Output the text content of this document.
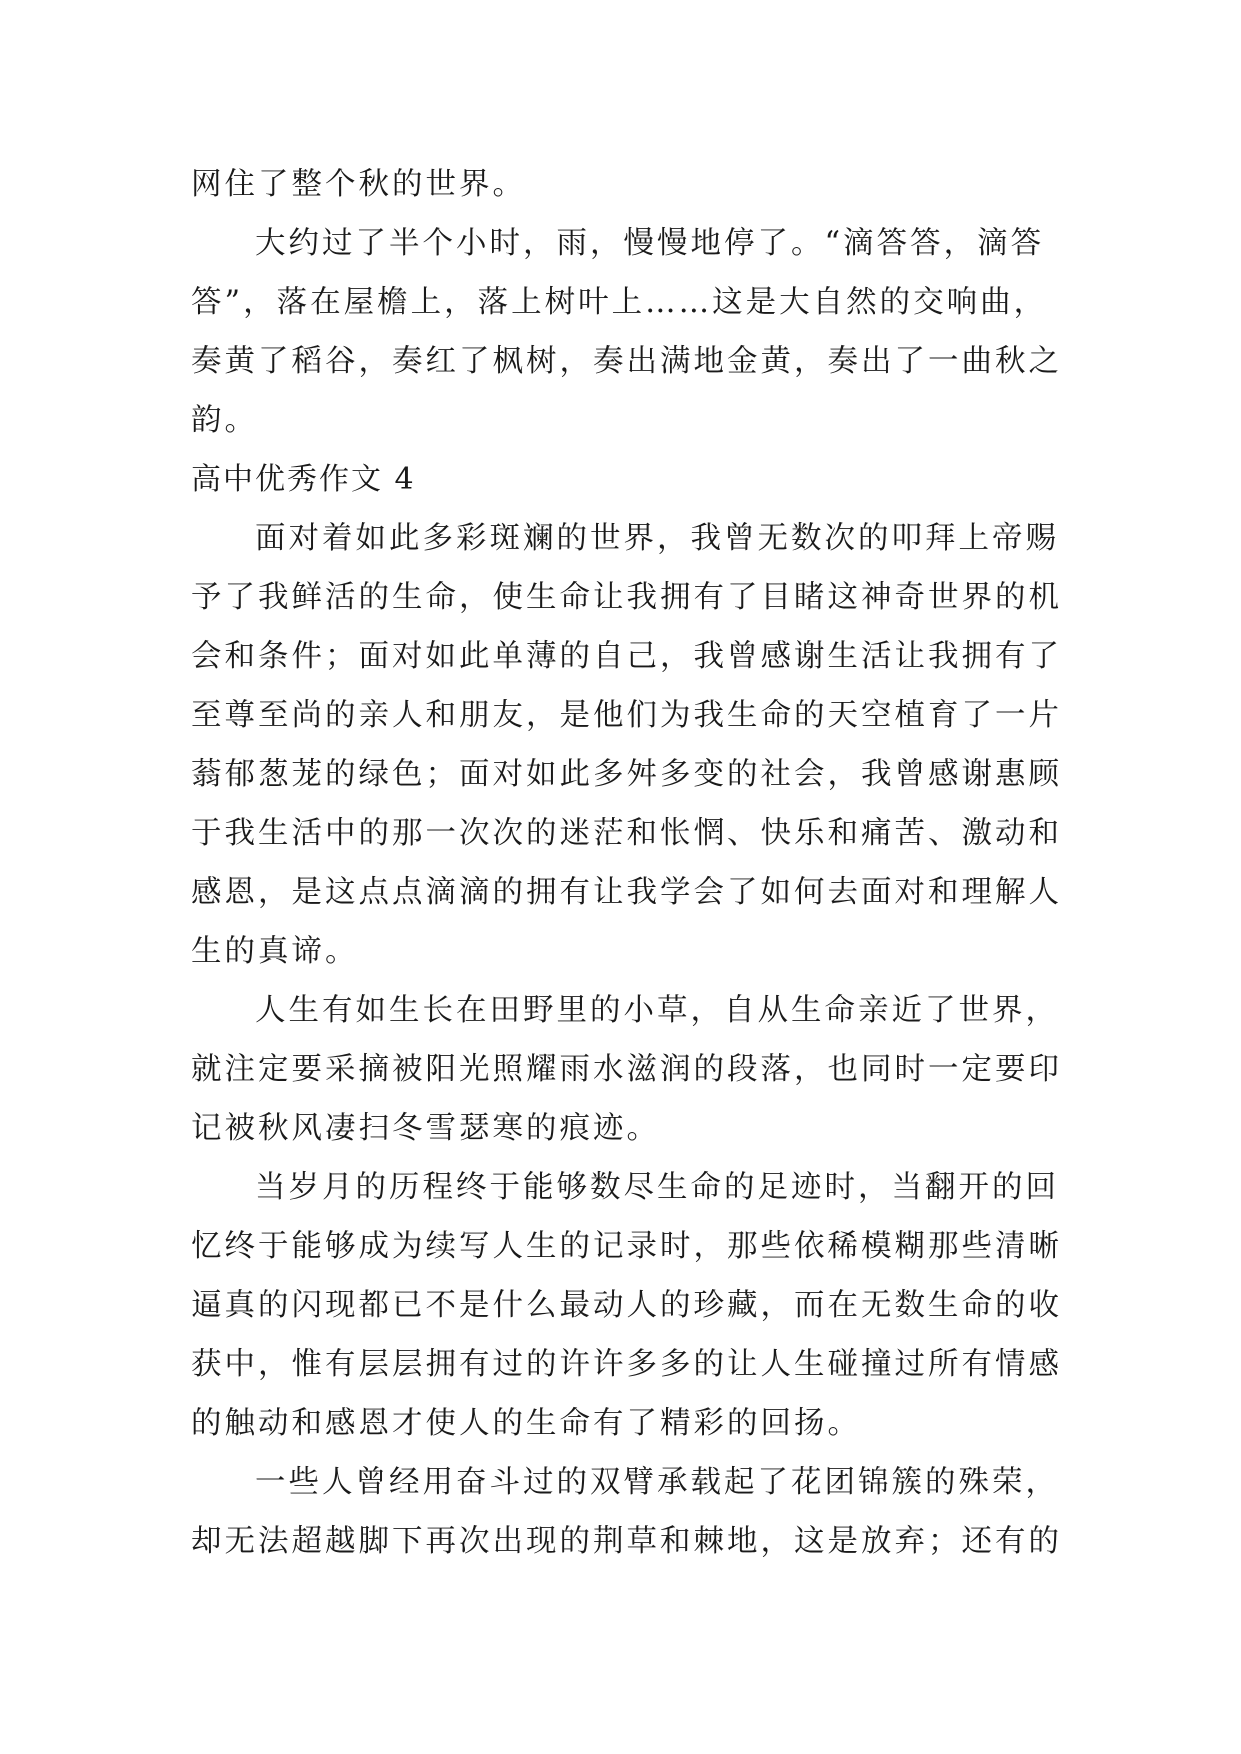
网住了整个秋的世界。
大约过了半个小时，雨，慢慢地停了。“滴答答，滴答
答”，落在屋檐上，落上树叶上……这是大自然的交响曲，
奏黄了稻谷，奏红了枫树，奏出满地金黄，奏出了一曲秋之
韵。
高中优秀作文 4
面对着如此多彩斑斓的世界，我曾无数次的叩拜上帝赐
予了我鲜活的生命，使生命让我拥有了目睹这神奇世界的机
会和条件；面对如此单薄的自己，我曾感谢生活让我拥有了
至尊至尚的亲人和朋友，是他们为我生命的天空植育了一片
蓊郁葱茏的绿色；面对如此多舛多变的社会，我曾感谢惠顾
于我生活中的那一次次的迷茫和怅惘、快乐和痛苦、激动和
感恩，是这点点滴滴的拥有让我学会了如何去面对和理解人
生的真谛。
人生有如生长在田野里的小草，自从生命亲近了世界，
就注定要采摘被阳光照耀雨水滋润的段落，也同时一定要印
记被秋风凄扫冬雪瑟寒的痕迹。
当岁月的历程终于能够数尽生命的足迹时，当翻开的回
忆终于能够成为续写人生的记录时，那些依稀模糊那些清晰
逼真的闪现都已不是什么最动人的珍藏，而在无数生命的收
获中，惟有层层拥有过的许许多多的让人生碰撞过所有情感
的触动和感恩才使人的生命有了精彩的回扬。
一些人曾经用奋斗过的双臂承载起了花团锦簇的殊荣，
却无法超越脚下再次出现的荆草和棘地，这是放弃；还有的
